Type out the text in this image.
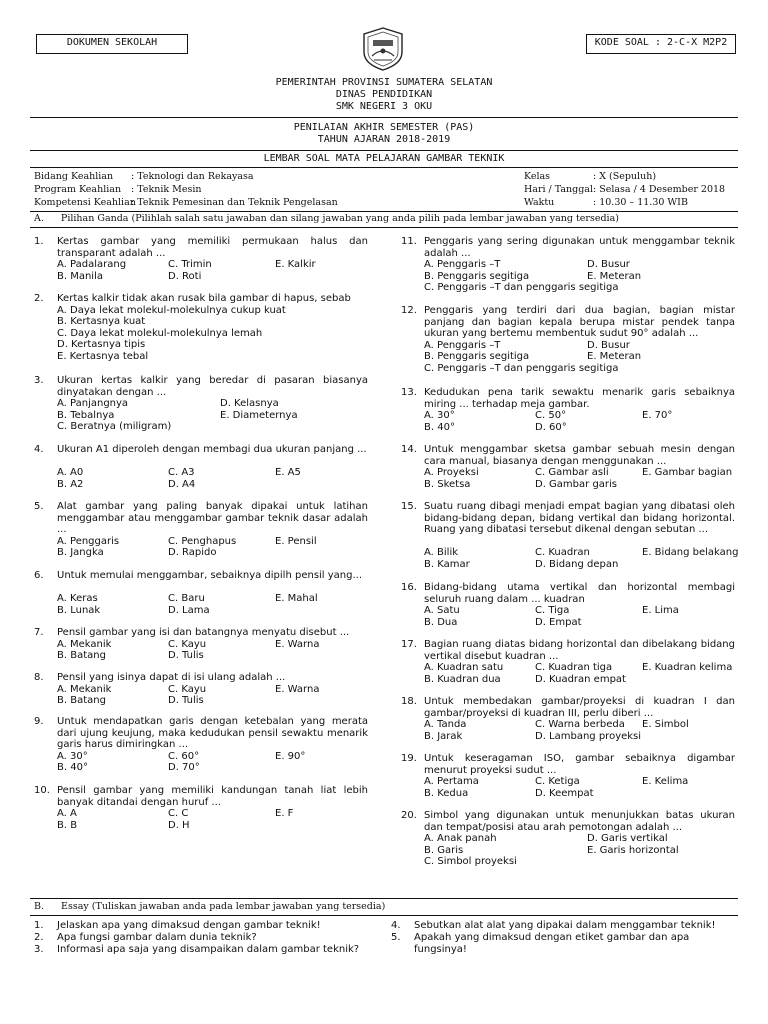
DOKUMEN SEKOLAH	KODE SOAL : 2-C-X M2P2
PEMERINTAH PROVINSI SUMATERA SELATAN
DINAS PENDIDIKAN
SMK NEGERI 3 OKU
PENILAIAN AKHIR SEMESTER (PAS)
TAHUN AJARAN 2018-2019
LEMBAR SOAL MATA PELAJARAN GAMBAR TEKNIK
Bidang Keahlian : Teknologi dan Rekayasa
Program Keahlian : Teknik Mesin
Kompetensi Keahlian
: Teknik Pemesinan dan Teknik Pengelasan
Kelas	: X (Sepuluh)
Hari / Tanggal : Selasa / 4 Desember 2018
Waktu	: 10.30 – 11.30 WIB
A. Pilihan Ganda (Pilihlah salah satu jawaban dan silang jawaban yang anda pilih pada lembar jawaban yang tersedia)
1. Kertas gambar yang memiliki permukaan halus dan transparant adalah ...
A. Padalarang	C. Trimin	E. Kalkir
B. Manila	D. Roti
2. Kertas kalkir tidak akan rusak bila gambar di hapus, sebab
A. Daya lekat molekul-molekulnya cukup kuat
B. Kertasnya kuat
C. Daya lekat molekul-molekulnya lemah
D. Kertasnya tipis
E. Kertasnya tebal
3. Ukuran kertas kalkir yang beredar di pasaran biasanya dinyatakan dengan ...
A. Panjangnya	D. Kelasnya
B. Tebalnya	E. Diameternya
C. Beratnya (miligram)
4. Ukuran A1 diperoleh dengan membagi dua ukuran panjang ...
A. A0	C. A3	E. A5
B. A2	D. A4
5. Alat gambar yang paling banyak dipakai untuk latihan menggambar atau menggambar gambar teknik dasar adalah ...
A. Penggaris	C. Penghapus	E. Pensil
B. Jangka	D. Rapido
6. Untuk memulai menggambar, sebaiknya dipilh pensil yang...
A. Keras	C. Baru	E. Mahal
B. Lunak	D. Lama
7. Pensil gambar yang isi dan batangnya menyatu disebut ...
A. Mekanik	C. Kayu	E. Warna
B. Batang	D. Tulis
8. Pensil yang isinya dapat di isi ulang adalah ...
A. Mekanik	C. Kayu	E. Warna
B. Batang	D. Tulis
9. Untuk mendapatkan garis dengan ketebalan yang merata dari ujung keujung, maka kedudukan pensil sewaktu menarik garis harus dimiringkan ...
A. 30°	C. 60°	E. 90°
B. 40°	D. 70°
10. Pensil gambar yang memiliki kandungan tanah liat lebih banyak ditandai dengan huruf ...
A. A	C. C	E. F
B. B	D. H
11. Penggaris yang sering digunakan untuk menggambar teknik adalah ...
A. Penggaris –T	D. Busur
B. Penggaris segitiga	E. Meteran
C. Penggaris –T dan penggaris segitiga
12. Penggaris yang terdiri dari dua bagian, bagian mistar panjang dan bagian kepala berupa mistar pendek tanpa ukuran yang bertemu membentuk sudut 90° adalah ...
A. Penggaris –T	D. Busur
B. Penggaris segitiga	E. Meteran
C. Penggaris –T dan penggaris segitiga
13. Kedudukan pena tarik sewaktu menarik garis sebaiknya miring ... terhadap meja gambar.
A. 30°	C. 50°	E. 70°
B. 40°	D. 60°
14. Untuk menggambar sketsa gambar sebuah mesin dengan cara manual, biasanya dengan menggunakan ...
A. Proyeksi	C. Gambar asli	E. Gambar bagian
B. Sketsa	D. Gambar garis
15. Suatu ruang dibagi menjadi empat bagian yang dibatasi oleh bidang-bidang depan, bidang vertikal dan bidang horizontal. Ruang yang dibatasi tersebut dikenal dengan sebutan ...
A. Bilik	C. Kuadran	E. Bidang belakang
B. Kamar	D. Bidang depan
16. Bidang-bidang utama vertikal dan horizontal membagi seluruh ruang dalam ... kuadran
A. Satu	C. Tiga	E. Lima
B. Dua	D. Empat
17. Bagian ruang diatas bidang horizontal dan dibelakang bidang vertikal disebut kuadran ...
A. Kuadran satu	C. Kuadran tiga	E. Kuadran kelima
B. Kuadran dua	D. Kuadran empat
18. Untuk membedakan gambar/proyeksi di kuadran I dan gambar/proyeksi di kuadran III, perlu diberi ...
A. Tanda	C. Warna berbeda E. Simbol
B. Jarak	D. Lambang proyeksi
19. Untuk keseragaman ISO, gambar sebaiknya digambar menurut proyeksi sudut ...
A. Pertama	C. Ketiga	E. Kelima
B. Kedua	D. Keempat
20. Simbol yang digunakan untuk menunjukkan batas ukuran dan tempat/posisi atau arah pemotongan adalah ...
A. Anak panah	D. Garis vertikal
B. Garis	E. Garis horizontal
C. Simbol proyeksi
B. Essay (Tuliskan jawaban anda pada lembar jawaban yang tersedia)
1. Jelaskan apa yang dimaksud dengan gambar teknik!
2. Apa fungsi gambar dalam dunia teknik?
3. Informasi apa saja yang disampaikan dalam gambar teknik?
4. Sebutkan alat alat yang dipakai dalam menggambar teknik!
5. Apakah yang dimaksud dengan etiket gambar dan apa fungsinya!
